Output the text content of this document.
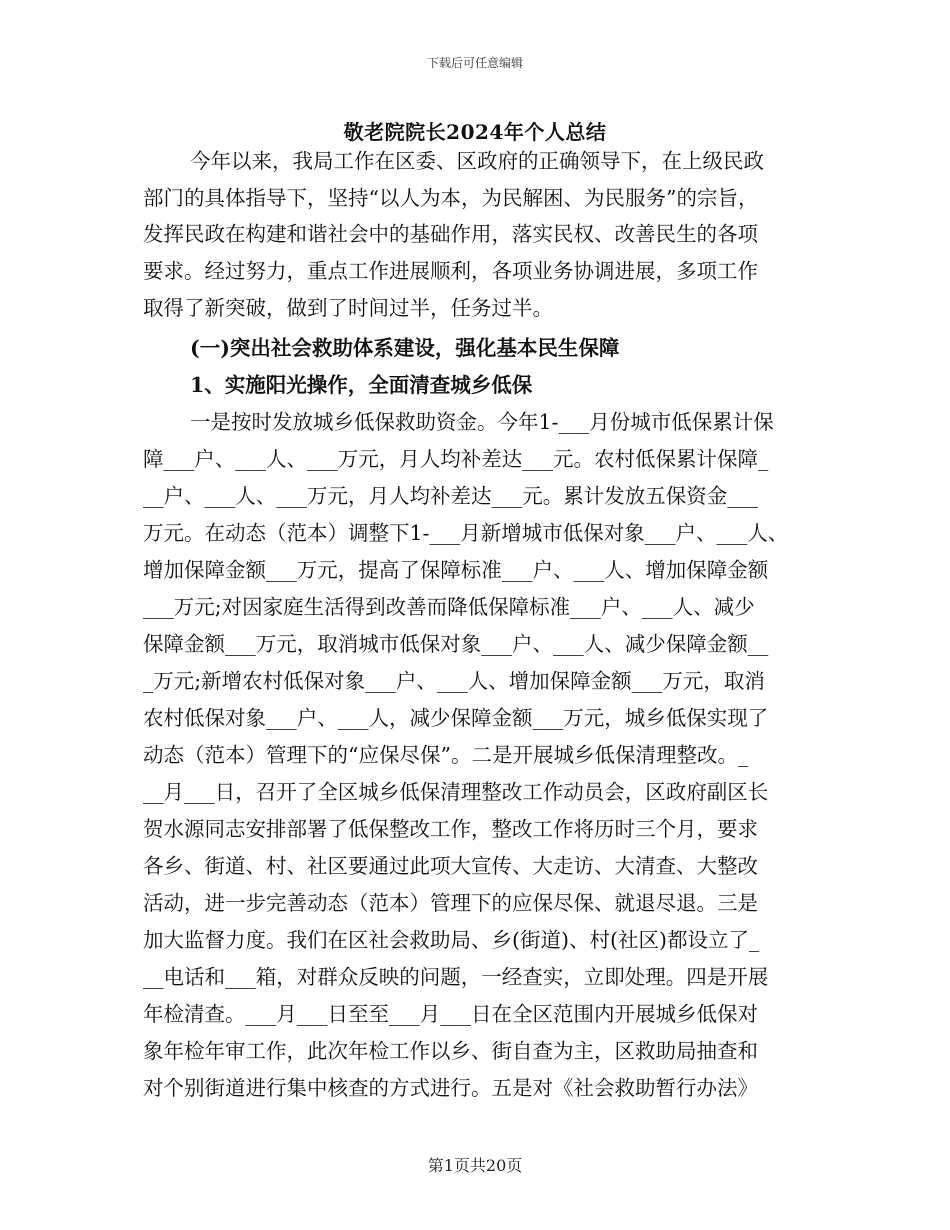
下载后可任意编辑
敬老院院长2024年个人总结
今年以来，我局工作在区委、区政府的正确领导下，在上级民政
部门的具体指导下，坚持“以人为本，为民解困、为民服务”的宗旨，
发挥民政在构建和谐社会中的基础作用，落实民权、改善民生的各项
要求。经过努力，重点工作进展顺利，各项业务协调进展，多项工作
取得了新突破，做到了时间过半，任务过半。
(一)突出社会救助体系建设，强化基本民生保障
1、实施阳光操作，全面清查城乡低保
一是按时发放城乡低保救助资金。今年1-___月份城市低保累计保
障___户、___人、___万元，月人均补差达___元。农村低保累计保障_
__户、___人、___万元，月人均补差达___元。累计发放五保资金___
万元。在动态（范本）调整下1-___月新增城市低保对象___户、___人、
增加保障金额___万元，提高了保障标准___户、___人、增加保障金额
___万元;对因家庭生活得到改善而降低保障标准___户、___人、减少
保障金额___万元，取消城市低保对象___户、___人、减少保障金额__
_万元;新增农村低保对象___户、___人、增加保障金额___万元，取消
农村低保对象___户、___人，减少保障金额___万元，城乡低保实现了
动态（范本）管理下的“应保尽保”。二是开展城乡低保清理整改。_
__月___日，召开了全区城乡低保清理整改工作动员会，区政府副区长
贺水源同志安排部署了低保整改工作，整改工作将历时三个月，要求
各乡、街道、村、社区要通过此项大宣传、大走访、大清查、大整改
活动，进一步完善动态（范本）管理下的应保尽保、就退尽退。三是
加大监督力度。我们在区社会救助局、乡(街道)、村(社区)都设立了_
__电话和___箱，对群众反映的问题，一经查实，立即处理。四是开展
年检清查。___月___日至至___月___日在全区范围内开展城乡低保对
象年检年审工作，此次年检工作以乡、街自查为主，区救助局抽查和
对个别街道进行集中核查的方式进行。五是对《社会救助暂行办法》
第1页共20页
